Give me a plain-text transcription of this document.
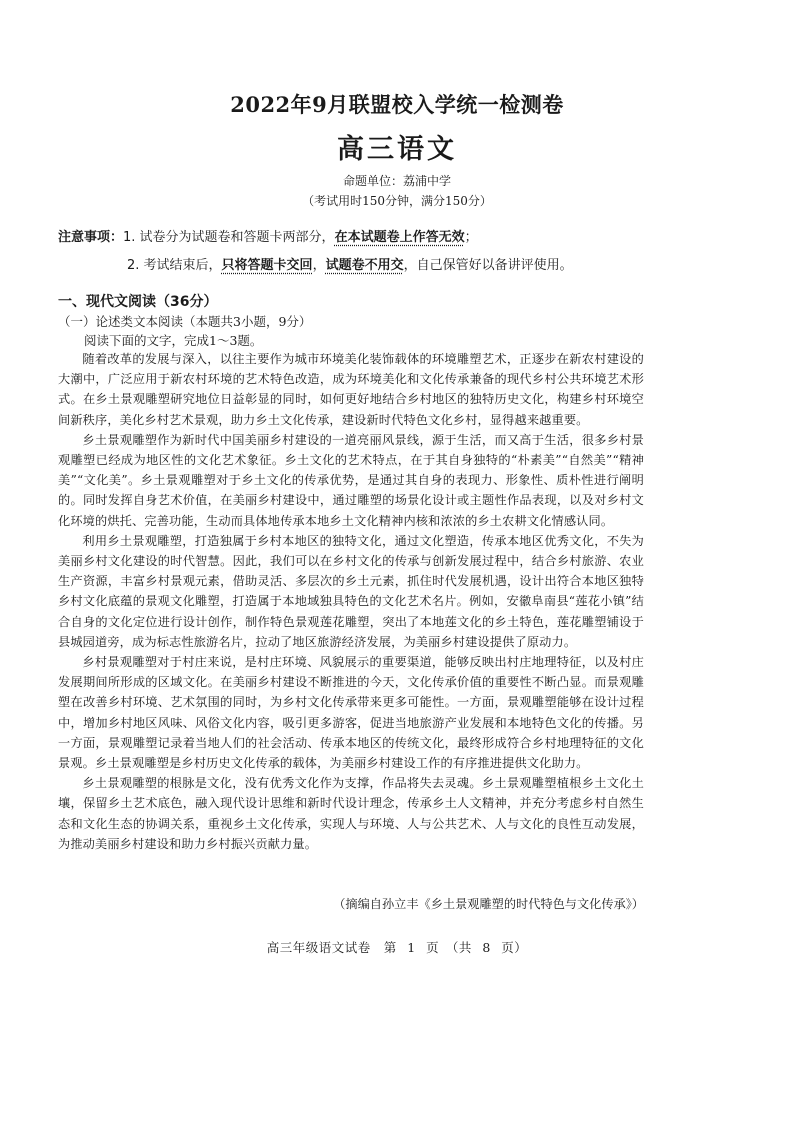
2022年9月联盟校入学统一检测卷
高三语文
命题单位：荔浦中学
（考试用时150分钟，满分150分）
注意事项：1. 试卷分为试题卷和答题卡两部分，在本试题卷上作答无效；
2. 考试结束后，只将答题卡交回，试题卷不用交，自己保管好以备讲评使用。
一、现代文阅读（36分）
（一）论述类文本阅读（本题共3小题，9分）
阅读下面的文字，完成1～3题。

随着改革的发展与深入，以往主要作为城市环境美化装饰载体的环境雕塑艺术，正逐步在新农村建设的大潮中，广泛应用于新农村环境的艺术特色改造，成为环境美化和文化传承兼备的现代乡村公共环境艺术形式。在乡土景观雕塑研究地位日益彰显的同时，如何更好地结合乡村地区的独特历史文化，构建乡村环境空间新秩序，美化乡村艺术景观，助力乡土文化传承，建设新时代特色文化乡村，显得越来越重要。

乡土景观雕塑作为新时代中国美丽乡村建设的一道亮丽风景线，源于生活，而又高于生活，很多乡村景观雕塑已经成为地区性的文化艺术象征。乡土文化的艺术特点，在于其自身独特的“朴素美”“自然美”“精神美”“文化美”。乡土景观雕塑对于乡土文化的传承优势，是通过其自身的表现力、形象性、质朴性进行阐明的。同时发挥自身艺术价值，在美丽乡村建设中，通过雕塑的场景化设计或主题性作品表现，以及对乡村文化环境的烘托、完善功能，生动而具体地传承本地乡土文化精神内核和浓浓的乡土农耕文化情感认同。

利用乡土景观雕塑，打造独属于乡村本地区的独特文化，通过文化塑造，传承本地区优秀文化，不失为美丽乡村文化建设的时代智慧。因此，我们可以在乡村文化的传承与创新发展过程中，结合乡村旅游、农业生产资源，丰富乡村景观元素，借助灵活、多层次的乡土元素，抓住时代发展机遇，设计出符合本地区独特乡村文化底蕴的景观文化雕塑，打造属于本地域独具特色的文化艺术名片。例如，安徽阜南县“莲花小镇”结合自身的文化定位进行设计创作，制作特色景观莲花雕塑，突出了本地莲文化的乡土特色，莲花雕塑铺设于县城园道旁，成为标志性旅游名片，拉动了地区旅游经济发展，为美丽乡村建设提供了原动力。

乡村景观雕塑对于村庄来说，是村庄环境、风貌展示的重要渠道，能够反映出村庄地理特征，以及村庄发展期间所形成的区域文化。在美丽乡村建设不断推进的今天，文化传承价值的重要性不断凸显。而景观雕塑在改善乡村环境、艺术氛围的同时，为乡村文化传承带来更多可能性。一方面，景观雕塑能够在设计过程中，增加乡村地区风味、风俗文化内容，吸引更多游客，促进当地旅游产业发展和本地特色文化的传播。另一方面，景观雕塑记录着当地人们的社会活动、传承本地区的传统文化，最终形成符合乡村地理特征的文化景观。乡土景观雕塑是乡村历史文化传承的载体，为美丽乡村建设工作的有序推进提供文化助力。

乡土景观雕塑的根脉是文化，没有优秀文化作为支撑，作品将失去灵魂。乡土景观雕塑植根乡土文化土壤，保留乡土艺术底色，融入现代设计思维和新时代设计理念，传承乡土人文精神，并充分考虑乡村自然生态和文化生态的协调关系，重视乡土文化传承，实现人与环境、人与公共艺术、人与文化的良性互动发展，为推动美丽乡村建设和助力乡村振兴贡献力量。

（摘编自孙立丰《乡土景观雕塑的时代特色与文化传承》）
高三年级语文试卷　第 1 页　（共 8 页）
